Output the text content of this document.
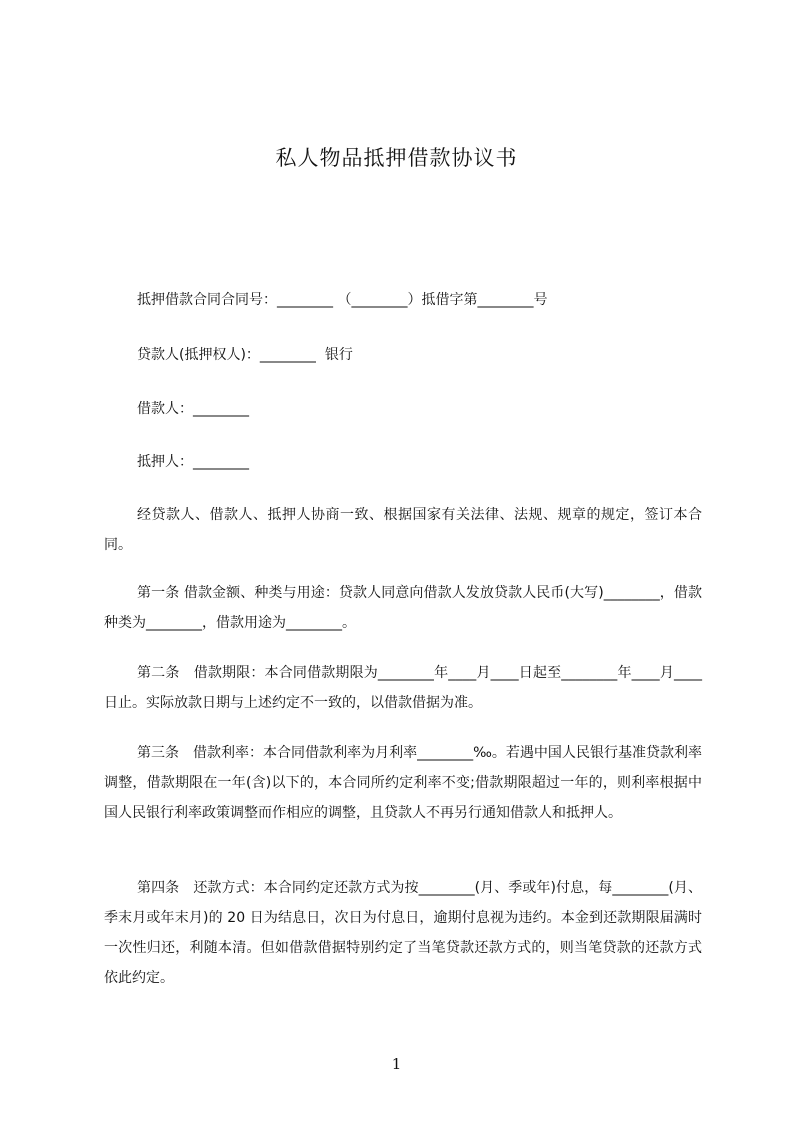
私人物品抵押借款协议书

抵押借款合同合同号：________ （________）抵借字第________号

贷款人(抵押权人)：________  银行

借款人：________

抵押人：________

经贷款人、借款人、抵押人协商一致、根据国家有关法律、法规、规章的规定，签订本合同。

第一条 借款金额、种类与用途：贷款人同意向借款人发放贷款人民币(大写)________，借款种类为________，借款用途为________。

第二条　借款期限：本合同借款期限为________年____月____日起至________年____月____日止。实际放款日期与上述约定不一致的，以借款借据为准。

第三条　借款利率：本合同借款利率为月利率________‰。若遇中国人民银行基准贷款利率调整，借款期限在一年(含)以下的，本合同所约定利率不变;借款期限超过一年的，则利率根据中国人民银行利率政策调整而作相应的调整，且贷款人不再另行通知借款人和抵押人。

第四条　还款方式：本合同约定还款方式为按________(月、季或年)付息，每________(月、季末月或年末月)的 20 日为结息日，次日为付息日，逾期付息视为违约。本金到还款期限届满时一次性归还，利随本清。但如借款借据特别约定了当笔贷款还款方式的，则当笔贷款的还款方式依此约定。

1
